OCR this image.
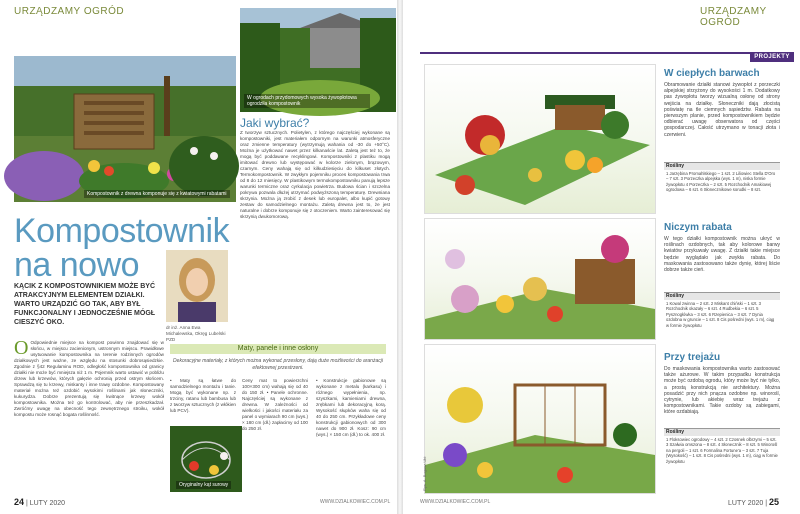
URZĄDZAMY OGRÓD
Kompostownik z drewna komponuje się z kwiatowymi rabatami
W ogrodach przydomowych wysoka żywopłotowa ogrodziła kompostownik
Kompostownik
na nowo
KĄCIK Z KOMPOSTOWNIKIEM MOŻE BYĆ ATRAKCYJNYM ELEMENTEM DZIAŁKI. WARTO URZĄDZIĆ GO TAK, ABY BYŁ FUNKCJONALNY I JEDNOCZEŚNIE MÓGŁ CIESZYĆ OKO.
dr inż. Anna Ewa Michalewska, Okręg Lubelski PZD
O Odpowiednie miejsce na kompost powinno znajdować się w słońcu, w miejscu zacienionym, ustronnym miejscu. Prawidłowe usytuowanie kompostownika na terenie rodzinnych ogrodów działkowych jest ważne, ze względu na stosunki dobrosąsiedzkie. Zgodnie z §42 Regulaminu ROD, odległość kompostownika od granicy działki nie może być mniejsza niż 1 m. Pojemnik warto ustawić w pobliżu drzew lub krzewów, których gałęzie ochronią przed ostrym słońcem. Sprawdzą się tu krzewy, miskanty i inne trawy ozdobne. Kompostowany materiał można też ozdobić wysokimi roślinami jak słoneczniki, kukurydza. Dobrze prezentują się kwitnące krzewy wokół kompostownika. Można też go kontrolować, aby nie przeszkadzał. Zwróćmy uwagę na obecność tego zewnętrznego stroiku, wokół kompostu może rosnąć bogata roślinność.
Jaki wybrać?
Z tworzyw sztucznych. Polietylen, z którego najczęściej wykonane są kompostowniki, jest materiałem odpornym na warunki atmosferyczne oraz zmienne temperatury (wytrzymują wahania od -30 do +50°C). Można je użytkować nawet przez kilkanaście lat. Zaletą jest też to, że mogą być poddawane recyklingowi. Kompostowniki z plastiku mogą imitować drewno lub występować w kolorze zielonym, brązowym, czarnym. Ceny wahają się od kilkudziesięciu do kilkuset złotych. Termokompostownik. W zwykłym pojemniku proces kompostowania trwa od 8 do 12 miesięcy. W plastikowym termokompostowniku panują lepsze warunki termiczne oraz cyrkulacja powietrza. Budowa ścian i szczelna pokrywa pozwala dłużej utrzymać podwyższoną temperaturę. Drewniana skrzynia. Można ją zrobić z desek lub europalet, albo kupić gotowy zestaw do samodzielnego montażu. Zaletą drewna jest to, że jest naturalne i dobrze komponuje się z otoczeniem. Warto zainteresować się skrzynią dwukomorową.
Maty, panele i inne osłony
Dekoracyjne materiały, z których można wykonać przesłony, dają duże możliwości do aranżacji efektownej przestrzeni.
• Maty są łatwe do samodzielnego montażu i tanie. Mogą być wykonane np. z trzciny, ratanu lub bambusa lub z tworzyw sztucznych (z włókien lub PCV).
Ceny mat to powierzchni 100×300 cm) wahają się od 40 do 150 zł. • Panele ochronne. Najczęściej są wykonane z drewna. W zależności od wielkości i jakości materiału za panel o wymiarach 90 cm (wys.) × 180 cm (dł.) zapłacimy od 100 do 250 zł.
• Konstrukcje gabionowe są wykonane z metalu (karkasu) i różnego wypełnienia, np. szyszkami, kamieniami drewna, zrębkami lub dekoracyjną korą. Wysokość słupków waha się od 40 do 250 cm. Przykładowe ceny konstrukcji gabionowych od 300 nawet do 900 zł. Kosz: 90 cm (wys.) × 150 cm (dł.) to ok. 400 zł.
Oryginalny kąt surowy
24 | LUTY 2020	WWW.DZIALKOWIEC.COM.PL
URZĄDZAMY OGRÓD
PROJEKTY
W ciepłych barwach
Obramowanie działki stanowi żywopłot z porzeczki alpejskiej strzyżony do wysokości 1 m. Dodatkowy pas żywopłotu tworzy wizualną osłonę od strony wejścia na działkę. Słoneczniki dają złocistą poświatę na tle ciemnych sąsiedztw. Rabata na pierwszym planie, przed kompostownikiem będzie odbierać uwagę obserwatora od części gospodarczej. Całość utrzymano w tonacji złota i czerwieni.
Rośliny
1 Jarzębina Promahlskiego – 1 szt. 2 Liliowiec Stella D'Oro – 7 szt. 3 Porzeczka alpejska (wys. 1 m), niska formie żywopłotu 4 Porzeczka – 2 szt. 5 Rozchodnik Amakiowej ogrodowa – 6 szt. 6 Słonecznikowe sorudki – 8 szt.
Niczym rabata
W tego działki kompostownik można ukryć w roślinach ozdobnych, tak aby kolorowe barwy kwiatów przykuwały uwagę. Z działki takie miejsce będzie wyglądało jak zwykła rabata. Do maskowania zastosowano także dynię, której liście dobrze także cień.
Rośliny
1 Kowal zwinna – 2 szt. 2 Miskant chiński – 1 szt. 3 Rozchodnik okazały – 6 szt. 4 Rudbekia – 6 szt. 5 Pysznogłówka – 3 szt. 6 Rzepienica – 3 szt. 7 Dynia ozdobna w gruncie – 1 szt. 8 Cis pośredni (wys. 1 m), ciąg w formie żywopłotu
Rys. A. Bogusz-Ułó
Przy trejażu
Do maskowania kompostownika warto zastosować także ażurowe. W takim przypadku konstrukcja może być ozdobą ogrodu, który może być nie tylko, a prostą konstrukcją nie architektury. Można posadzić przy nich pnącza ozdobne np. winorośl, cytrynie, lub akiebię wraz trejażu z kompostownikami. Takie ozdoby są zabiegami, które ozdabiają.
Rośliny
1 Floksowiec ogrodowy – 4 szt. 2 Czosnek olbrzymi – 5 szt. 3 Szałwia omszona – 8 szt. 4 Słonecznik – 8 szt. 5 Winorośl na pergoli – 1 szt. 6 Formalina Fortune'a – 3 szt. 7 Tuja (Wysokość) – 1 szt. 8 Cis pośredni (wys. 1 m), ciąg w formie żywopłotu
WWW.DZIALKOWIEC.COM.PL	LUTY 2020 | 25
